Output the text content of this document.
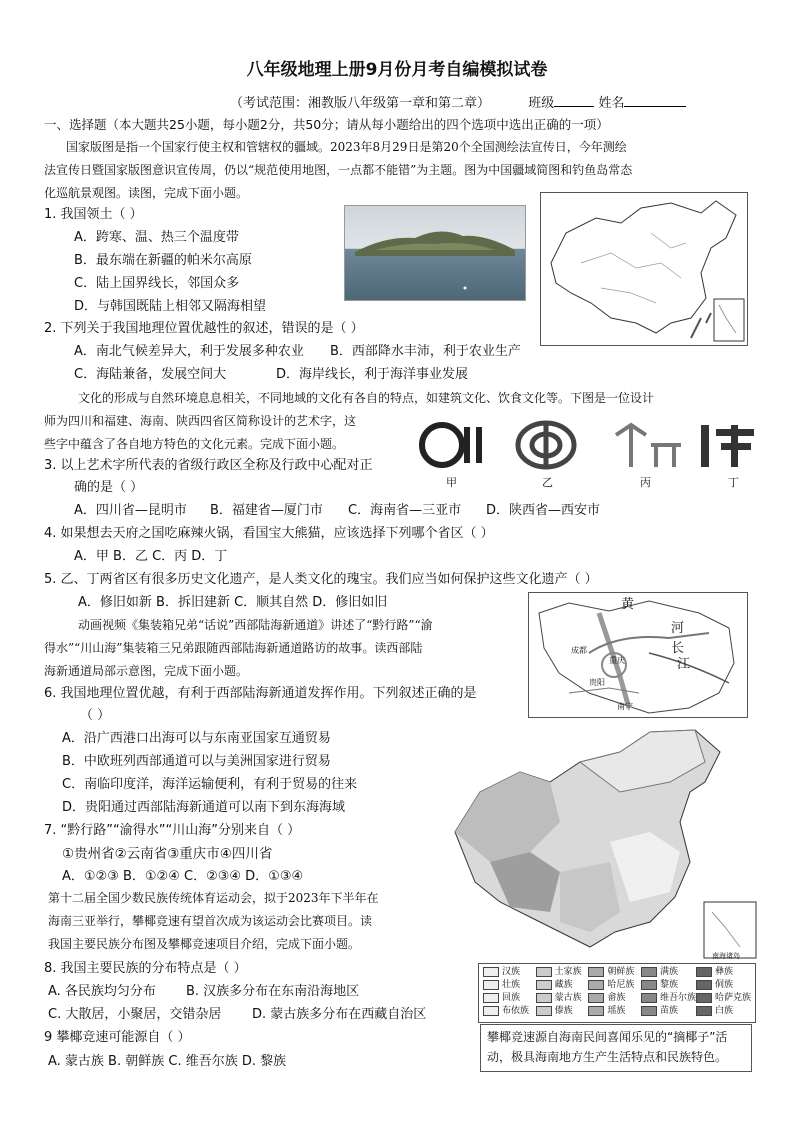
八年级地理上册9月份月考自编模拟试卷
（考试范围：湘教版八年级第一章和第二章）	班级	姓名
一、选择题（本大题共25小题，每小题2分，共50分；请从每小题给出的四个选项中选出正确的一项）
国家版图是指一个国家行使主权和管辖权的疆域。2023年8月29日是第20个全国测绘法宣传日，今年测绘
法宣传日暨国家版图意识宣传周，仍以“规范使用地图，一点都不能错”为主题。图为中国疆域简图和钓鱼岛常态
化巡航景观图。读图，完成下面小题。
1. 我国领土（ ）
A．跨寒、温、热三个温度带
B．最东端在新疆的帕米尔高原
C．陆上国界线长，邻国众多
D．与韩国既陆上相邻又隔海相望
2. 下列关于我国地理位置优越性的叙述，错误的是（ ）
A．南北气候差异大，利于发展多种农业 B．西部降水丰沛，利于农业生产
C．海陆兼备，发展空间大	D．海岸线长，利于海洋事业发展
文化的形成与自然环境息息相关，不同地域的文化有各自的特点，如建筑文化、饮食文化等。下图是一位设计
师为四川和福建、海南、陕西四省区简称设计的艺术字，这
些字中蕴含了各自地方特色的文化元素。完成下面小题。
甲	乙	丙	丁
3. 以上艺术字所代表的省级行政区全称及行政中心配对正
确的是（ ）
A．四川省—昆明市 B．福建省—厦门市 C．海南省—三亚市 D．陕西省—西安市
4. 如果想去天府之国吃麻辣火锅，看国宝大熊猫，应该选择下列哪个省区（ ）
A．甲 B．乙 C．丙 D．丁
5. 乙、丁两省区有很多历史文化遗产，是人类文化的瑰宝。我们应当如何保护这些文化遗产（ ）
A．修旧如新 B．拆旧建新 C．顺其自然 D．修旧如旧
动画视频《集装箱兄弟“话说”西部陆海新通道》讲述了“黔行路”“渝
得水”“川山海”集装箱三兄弟跟随西部陆海新通道路访的故事。读西部陆
海新通道局部示意图，完成下面小题。
黄
河
长
江
成都
贵阳
重庆
南宁
6. 我国地理位置优越，有利于西部陆海新通道发挥作用。下列叙述正确的是
（ ）
A．沿广西港口出海可以与东南亚国家互通贸易
B．中欧班列西部通道可以与美洲国家进行贸易
C．南临印度洋，海洋运输便利，有利于贸易的往来
D．贵阳通过西部陆海新通道可以南下到东海海域
7. “黔行路”“渝得水”“川山海”分别来自（ ）
①贵州省②云南省③重庆市④四川省
A．①②③ B．①②④ C．②③④ D．①③④
第十二届全国少数民族传统体育运动会，拟于2023年下半年在
海南三亚举行，攀椰竞速有望首次成为该运动会比赛项目。读
我国主要民族分布图及攀椰竞速项目介绍，完成下面小题。
南海诸岛
汉族	土家族	朝鲜族	满族	彝族
壮族	藏族	哈尼族	黎族	侗族
回族	蒙古族	畲族	维吾尔族	哈萨克族
布依族	傣族	瑶族	苗族	白族
8. 我国主要民族的分布特点是（ ）
A. 各民族均匀分布 B. 汉族多分布在东南沿海地区
C. 大散居，小聚居，交错杂居 D. 蒙古族多分布在西藏自治区
9 攀椰竞速可能源自（ ）
A. 蒙古族 B. 朝鲜族 C. 维吾尔族 D. 黎族
攀椰竞速源自海南民间喜闻乐见的“摘椰子”活动，极具海南地方生产生活特点和民族特色。
